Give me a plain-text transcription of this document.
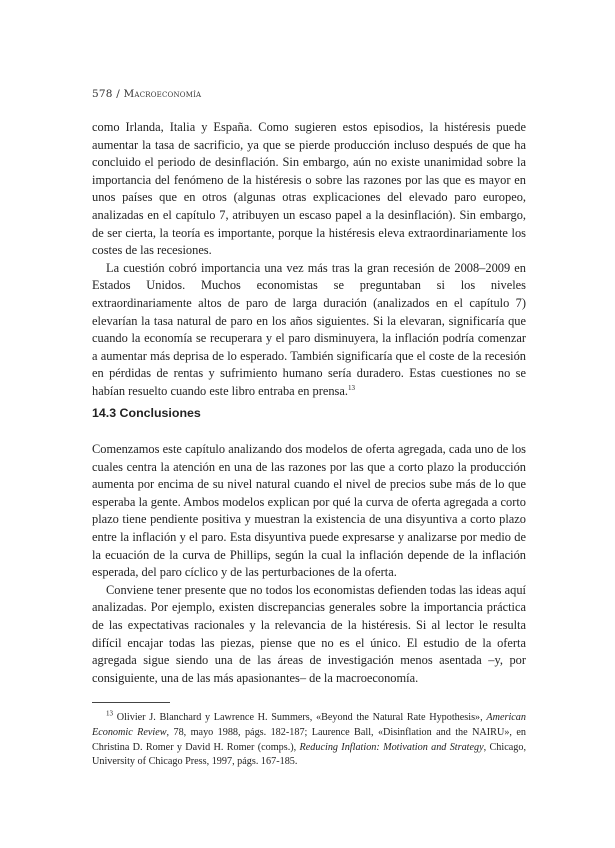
578 / Macroeconomía

como Irlanda, Italia y España. Como sugieren estos episodios, la histéresis puede aumentar la tasa de sacrificio, ya que se pierde producción incluso después de que ha concluido el periodo de desinflación. Sin embargo, aún no existe unanimidad sobre la importancia del fenómeno de la histéresis o sobre las razones por las que es mayor en unos países que en otros (algunas otras explicaciones del elevado paro europeo, analizadas en el capítulo 7, atribuyen un escaso papel a la desinflación). Sin embargo, de ser cierta, la teoría es importante, porque la histéresis eleva extraordinariamente los costes de las recesiones.

La cuestión cobró importancia una vez más tras la gran recesión de 2008–2009 en Estados Unidos. Muchos economistas se preguntaban si los niveles extraordinariamente altos de paro de larga duración (analizados en el capítulo 7) elevarían la tasa natural de paro en los años siguientes. Si la elevaran, significaría que cuando la economía se recuperara y el paro disminuyera, la inflación podría comenzar a aumentar más deprisa de lo esperado. También significaría que el coste de la recesión en pérdidas de rentas y sufrimiento humano sería duradero. Estas cuestiones no se habían resuelto cuando este libro entraba en prensa.$^{13}$

14.3 Conclusiones

Comenzamos este capítulo analizando dos modelos de oferta agregada, cada uno de los cuales centra la atención en una de las razones por las que a corto plazo la producción aumenta por encima de su nivel natural cuando el nivel de precios sube más de lo que esperaba la gente. Ambos modelos explican por qué la curva de oferta agregada a corto plazo tiene pendiente positiva y muestran la existencia de una disyuntiva a corto plazo entre la inflación y el paro. Esta disyuntiva puede expresarse y analizarse por medio de la ecuación de la curva de Phillips, según la cual la inflación depende de la inflación esperada, del paro cíclico y de las perturbaciones de la oferta.

Conviene tener presente que no todos los economistas defienden todas las ideas aquí analizadas. Por ejemplo, existen discrepancias generales sobre la importancia práctica de las expectativas racionales y la relevancia de la histéresis. Si al lector le resulta difícil encajar todas las piezas, piense que no es el único. El estudio de la oferta agregada sigue siendo una de las áreas de investigación menos asentada –y, por consiguiente, una de las más apasionantes– de la macroeconomía.

$^{13}$ Olivier J. Blanchard y Lawrence H. Summers, «Beyond the Natural Rate Hypothesis», American Economic Review, 78, mayo 1988, págs. 182-187; Laurence Ball, «Disinflation and the NAIRU», en Christina D. Romer y David H. Romer (comps.), Reducing Inflation: Motivation and Strategy, Chicago, University of Chicago Press, 1997, págs. 167-185.
